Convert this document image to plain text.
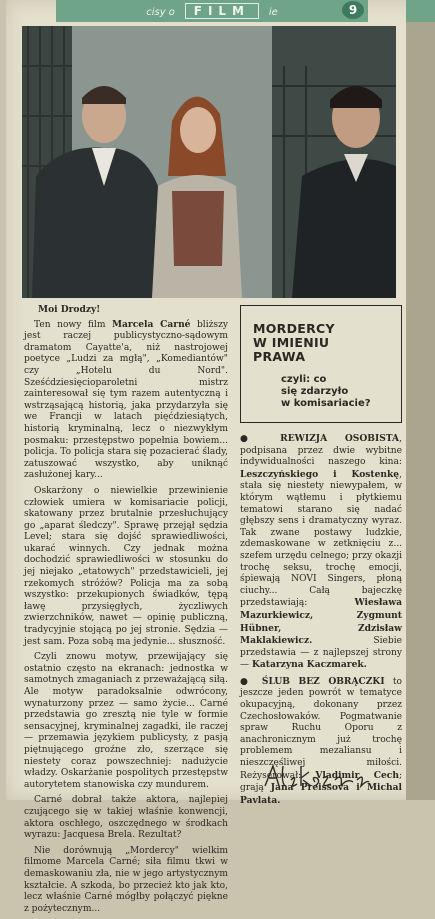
cisy o FILM ie	9

Moi Drodzy!

Ten nowy film Marcela Carné bliższy jest raczej publicystyczno-sądowym dramatom Cayatte'a, niż nastrojowej poetyce „Ludzi za mgłą", „Komediantów" czy „Hotelu du Nord". Sześćdziesięcioparoletni mistrz zainteresował się tym razem autentyczną i wstrząsającą historią, jaka przydarzyła się we Francji w latach pięćdziesiątych, historią kryminalną, lecz o niezwykłym posmaku: przestępstwo popełnia bowiem... policja. To policja stara się pozacierać ślady, zatuszować wszystko, aby uniknąć zasłużonej kary...

Oskarżony o niewielkie przewinienie człowiek umiera w komisariacie policji, skatowany przez brutalnie przesłuchujący go „aparat śledczy". Sprawę przejął sędzia Level; stara się dojść sprawiedliwości, ukarać winnych. Czy jednak można dochodzić sprawiedliwości w stosunku do jej niejako „etatowych" przedstawicieli, jej rzekomych stróżów? Policja ma za sobą wszystko: przekupionych świadków, tępą ławę przysięgłych, życzliwych zwierzchników, nawet — opinię publiczną, tradycyjnie stojącą po jej stronie. Sędzia — jest sam. Poza sobą ma jedynie... słuszność.

Czyli znowu motyw, przewijający się ostatnio często na ekranach: jednostka w samotnych zmaganiach z przeważającą siłą. Ale motyw paradoksalnie odwrócony, wynaturzony przez — samo życie... Carné przedstawia go zresztą nie tyle w formie sensacyjnej, kryminalnej zagadki, ile raczej — przemawia językiem publicysty, z pasją piętnującego groźne zło, szerzące się niestety coraz powszechniej: nadużycie władzy. Oskarżanie pospolitych przestępstw autorytetem stanowiska czy mundurem.

Carné dobrał także aktora, najlepiej czującego się w takiej właśnie konwencji, aktora oschłego, oszczędnego w środkach wyrazu: Jacquesa Brela. Rezultat?

Nie dorównują „Mordercy" wielkim filmome Marcela Carné; siła filmu tkwi w demaskowaniu zła, nie w jego artystycznym kształcie. A szkoda, bo przecież kto jak kto, lecz właśnie Carné mógłby połączyć piękne z pożytecznym...

MORDERCY
W IMIENIU
PRAWA
czyli: co
się zdarzyło
w komisariacie?

● REWIZJA OSOBISTA, podpisana przez dwie wybitne indywidualności naszego kina: Leszczyńskiego i Kostenkę, stała się niestety niewypałem, w którym wątłemu i płytkiemu tematowi starano się nadać głębszy sens i dramatyczny wyraz. Tak zwane postawy ludzkie, zdemaskowane w zetknięciu z... szefem urzędu celnego; przy okazji trochę seksu, trochę emocji, śpiewają NOVI Singers, płoną ciuchy... Całą bajeczkę przedstawiają: Wiesława Mazurkiewicz, Zygmunt Hübner, Zdzisław Maklakiewicz. Siebie przedstawia — z najlepszej strony — Katarzyna Kaczmarek.

● ŚLUB BEZ OBRĄCZKI to jeszcze jeden powrót w tematyce okupacyjną, dokonany przez Czechosłowaków. Pogmatwanie spraw Ruchu Oporu z anachronicznym już trochę problemem mezaliansu i nieszczęśliwej miłości. Reżyserował: Vladimir Cech; grają Jana Preissova i Michal Pavlata.
